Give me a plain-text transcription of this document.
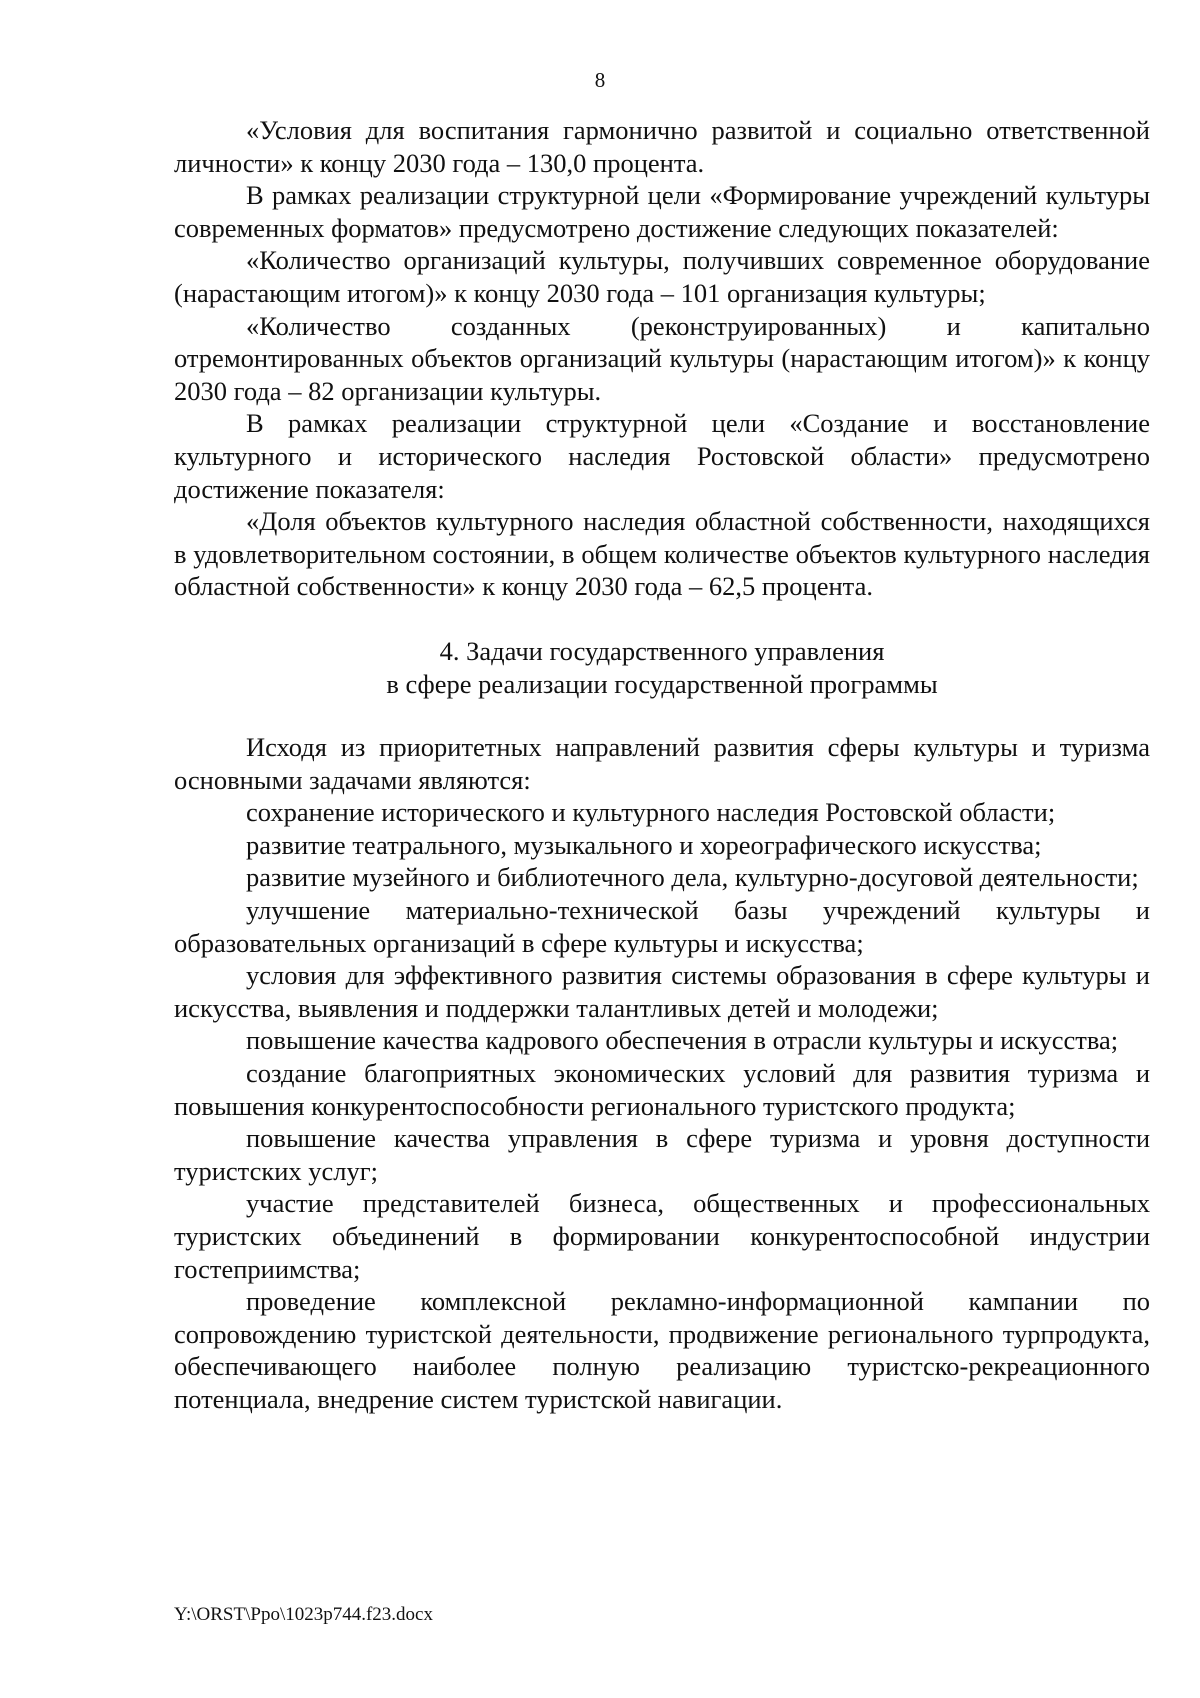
8

«Условия для воспитания гармонично развитой и социально ответственной личности» к концу 2030 года – 130,0 процента.

В рамках реализации структурной цели «Формирование учреждений культуры современных форматов» предусмотрено достижение следующих показателей:

«Количество организаций культуры, получивших современное оборудование (нарастающим итогом)» к концу 2030 года – 101 организация культуры;

«Количество созданных (реконструированных) и капитально отремонтированных объектов организаций культуры (нарастающим итогом)» к концу 2030 года – 82 организации культуры.

В рамках реализации структурной цели «Создание и восстановление культурного и исторического наследия Ростовской области» предусмотрено достижение показателя:

«Доля объектов культурного наследия областной собственности, находящихся в удовлетворительном состоянии, в общем количестве объектов культурного наследия областной собственности» к концу 2030 года – 62,5 процента.

4. Задачи государственного управления
в сфере реализации государственной программы

Исходя из приоритетных направлений развития сферы культуры и туризма основными задачами являются:

сохранение исторического и культурного наследия Ростовской области;

развитие театрального, музыкального и хореографического искусства;

развитие музейного и библиотечного дела, культурно-досуговой деятельности;

улучшение материально-технической базы учреждений культуры и образовательных организаций в сфере культуры и искусства;

условия для эффективного развития системы образования в сфере культуры и искусства, выявления и поддержки талантливых детей и молодежи;

повышение качества кадрового обеспечения в отрасли культуры и искусства;

создание благоприятных экономических условий для развития туризма и повышения конкурентоспособности регионального туристского продукта;

повышение качества управления в сфере туризма и уровня доступности туристских услуг;

участие представителей бизнеса, общественных и профессиональных туристских объединений в формировании конкурентоспособной индустрии гостеприимства;

проведение комплексной рекламно-информационной кампании по сопровождению туристской деятельности, продвижение регионального турпродукта, обеспечивающего наиболее полную реализацию туристско-рекреационного потенциала, внедрение систем туристской навигации.

Y:\ORST\Ppo\1023p744.f23.docx
